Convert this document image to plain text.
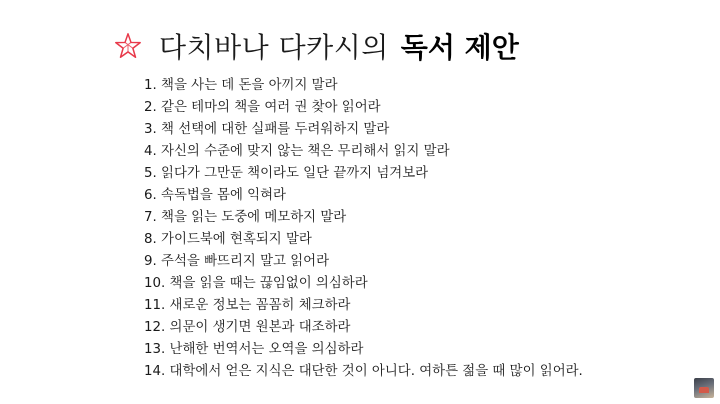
다치바나 다카시의 독서 제안
1. 책을 사는 데 돈을 아끼지 말라
2. 같은 테마의 책을 여러 권 찾아 읽어라
3. 책 선택에 대한 실패를 두려워하지 말라
4. 자신의 수준에 맞지 않는 책은 무리해서 읽지 말라
5. 읽다가 그만둔 책이라도 일단 끝까지 넘겨보라
6. 속독법을 몸에 익혀라
7. 책을 읽는 도중에 메모하지 말라
8. 가이드북에 현혹되지 말라
9. 주석을 빠뜨리지 말고 읽어라
10. 책을 읽을 때는 끊임없이 의심하라
11. 새로운 정보는 꼼꼼히 체크하라
12. 의문이 생기면 원본과 대조하라
13. 난해한 번역서는 오역을 의심하라
14. 대학에서 얻은 지식은 대단한 것이 아니다. 여하튼 젊을 때 많이 읽어라.
